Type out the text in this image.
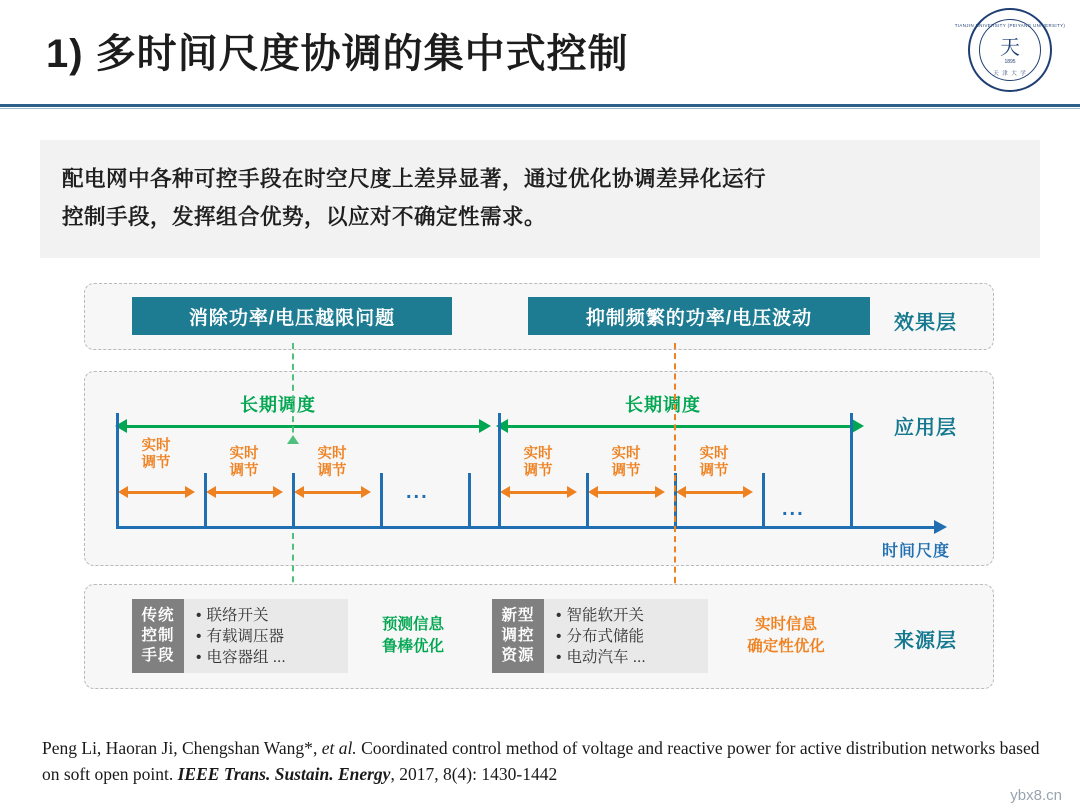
1) 多时间尺度协调的集中式控制
TIANJIN UNIVERSITY (PEIYANG UNIVERSITY)
天
1895
天 津 大 学
配电网中各种可控手段在时空尺度上差异显著，通过优化协调差异化运行
控制手段，发挥组合优势，以应对不确定性需求。
消除功率/电压越限问题	抑制频繁的功率/电压波动	效果层
应用层
长期调度	长期调度
实时
调节
实时
调节
实时
调节
实时
调节
实时
调节
实时
调节
...
...
时间尺度
来源层
传统
控制
手段
• 联络开关
• 有载调压器
• 电容器组 ...
预测信息
鲁棒优化
新型
调控
资源
• 智能软开关
• 分布式储能
• 电动汽车 ...
实时信息
确定性优化
Peng Li, Haoran Ji, Chengshan Wang*, et al. Coordinated control method of voltage and reactive power for active distribution networks based on soft open point. IEEE Trans. Sustain. Energy, 2017, 8(4): 1430-1442
ybx8.cn
